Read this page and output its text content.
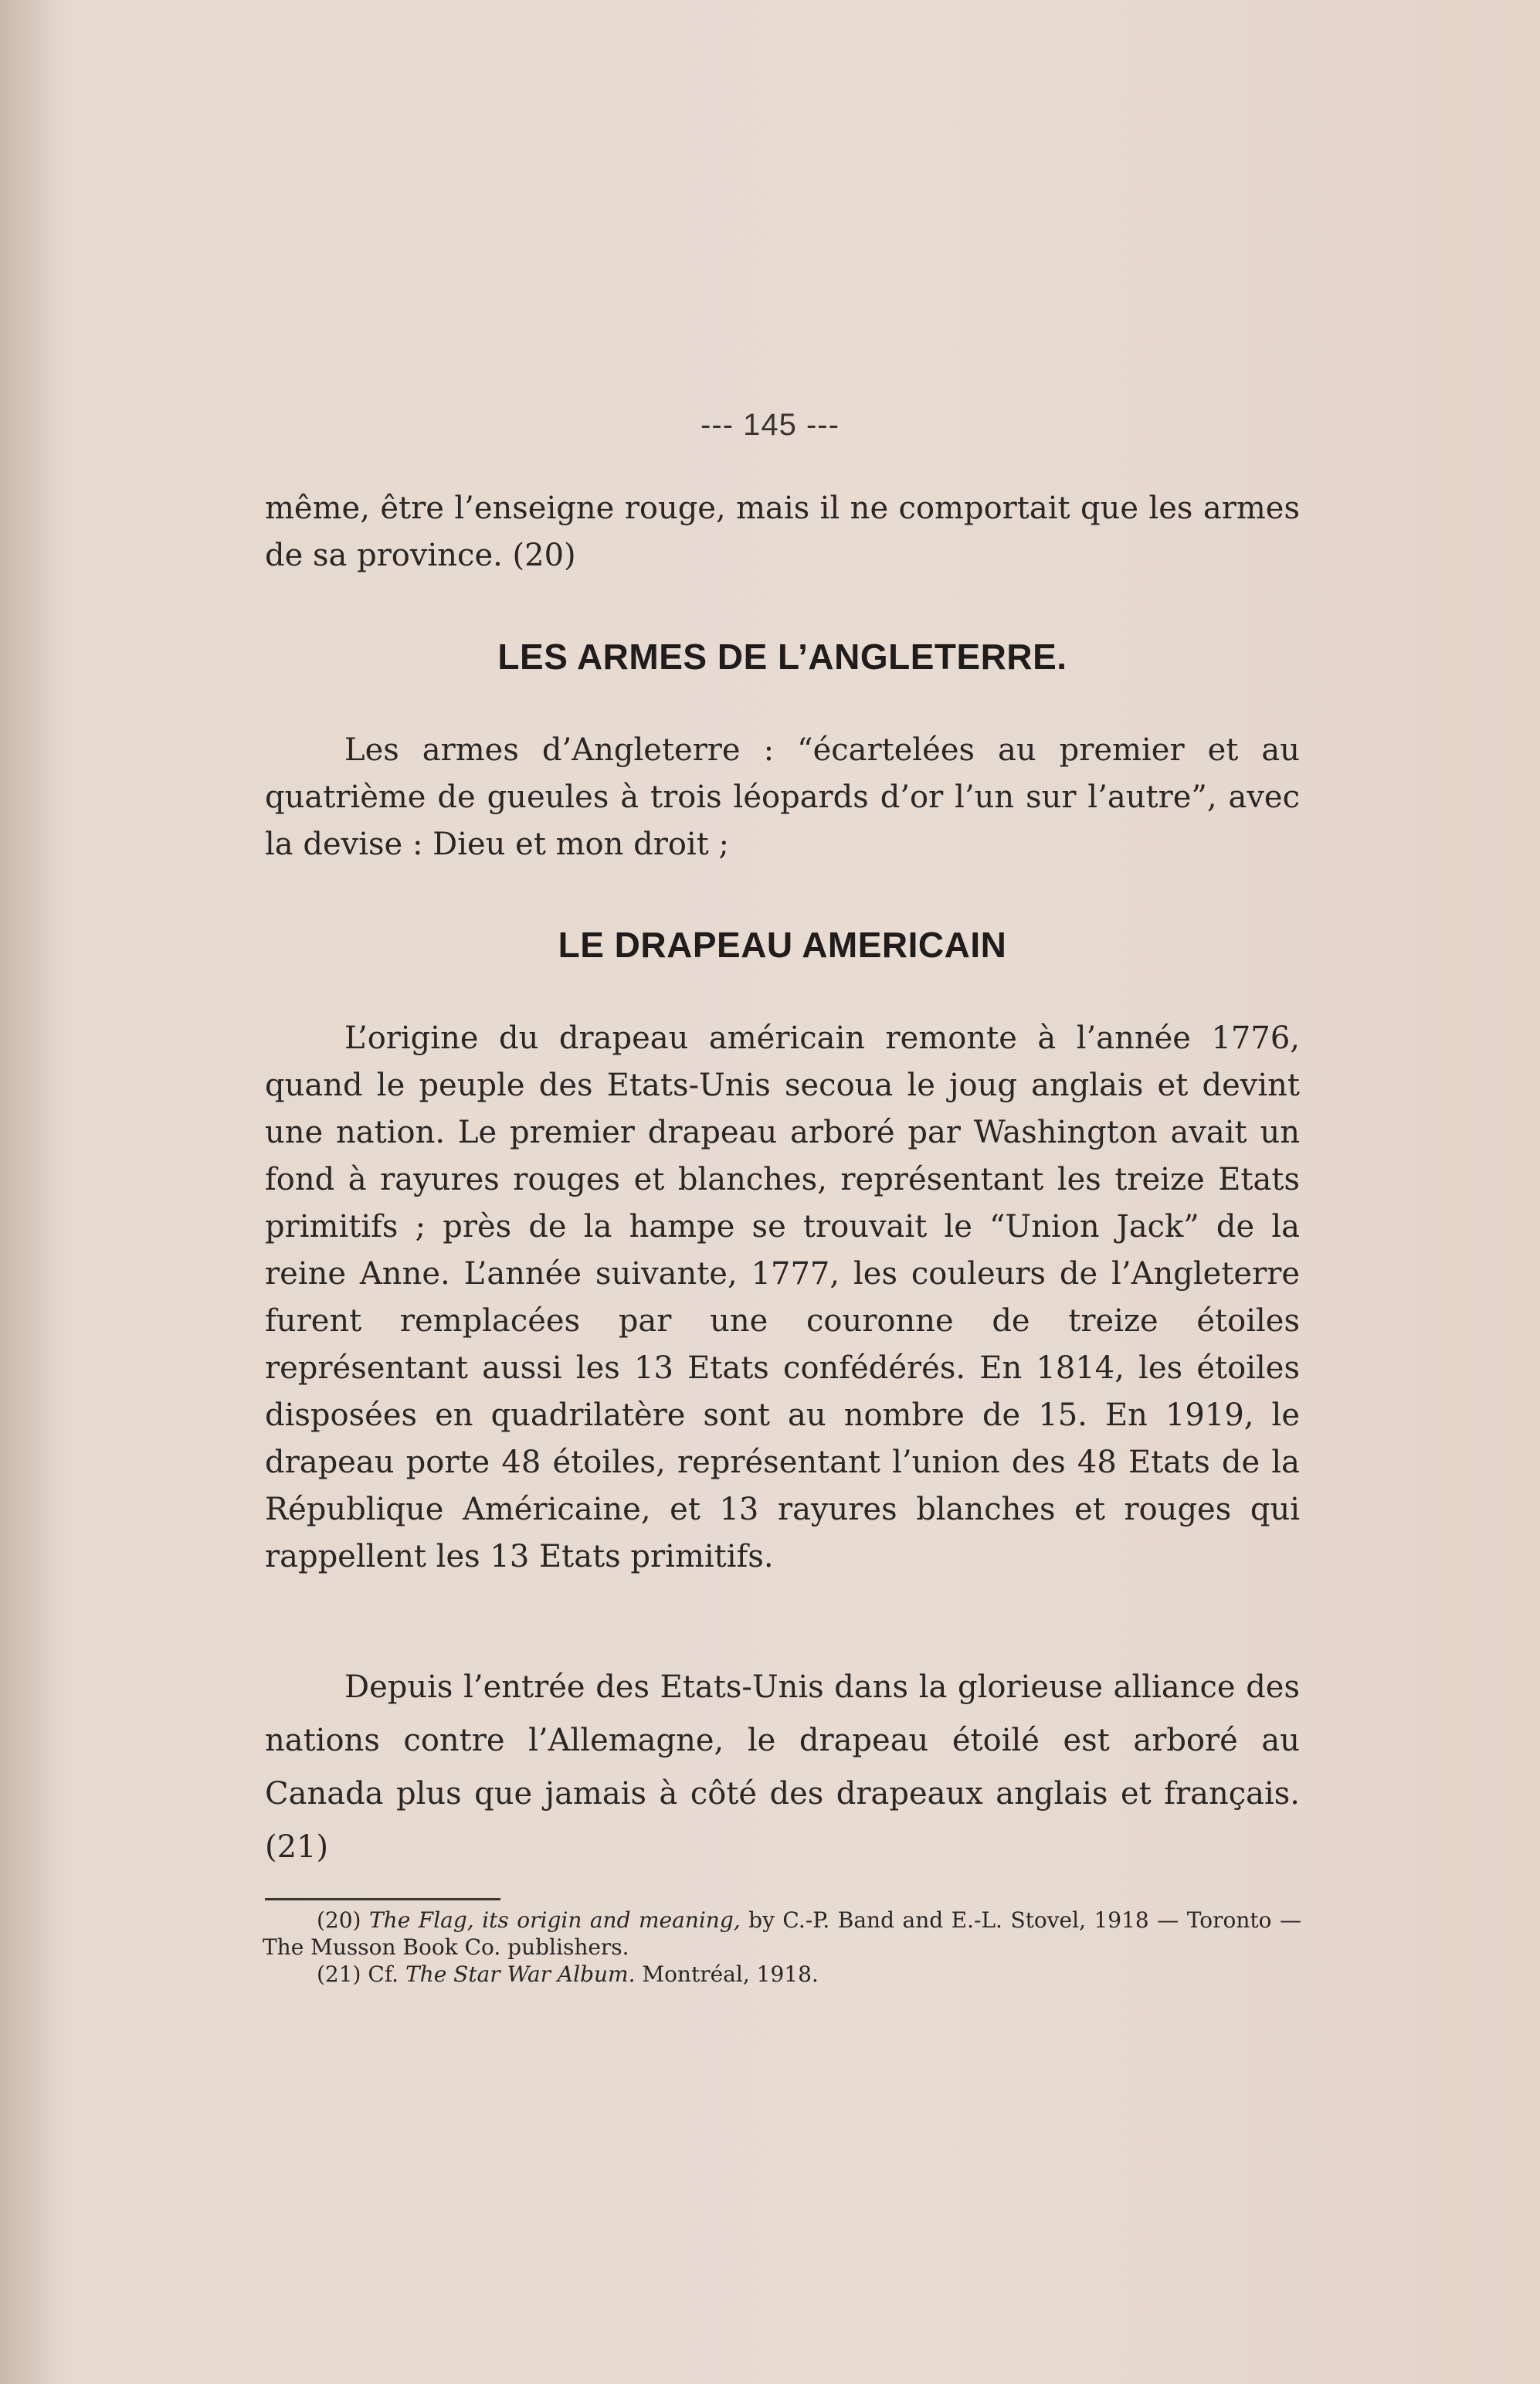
--- 145 ---

même, être l’enseigne rouge, mais il ne comportait que les armes de sa province. (20)

LES ARMES DE L’ANGLETERRE.

Les armes d’Angleterre : “écartelées au premier et au quatrième de gueules à trois léopards d’or l’un sur l’autre”, avec la devise : Dieu et mon droit ;

LE DRAPEAU AMERICAIN

L’origine du drapeau américain remonte à l’année 1776, quand le peuple des Etats-Unis secoua le joug anglais et devint une nation. Le premier drapeau arboré par Washington avait un fond à rayures rouges et blanches, représentant les treize Etats primitifs ; près de la hampe se trouvait le “Union Jack” de la reine Anne. L’année suivante, 1777, les couleurs de l’Angleterre furent remplacées par une couronne de treize étoiles représentant aussi les 13 Etats confédérés. En 1814, les étoiles disposées en quadrilatère sont au nombre de 15. En 1919, le drapeau porte 48 étoiles, représentant l’union des 48 Etats de la République Américaine, et 13 rayures blanches et rouges qui rappellent les 13 Etats primitifs.

Depuis l’entrée des Etats-Unis dans la glorieuse alliance des nations contre l’Allemagne, le drapeau étoilé est arboré au Canada plus que jamais à côté des drapeaux anglais et français. (21)

(20) The Flag, its origin and meaning, by C.-P. Band and E.-L. Stovel, 1918 — Toronto — The Musson Book Co. publishers.

(21) Cf. The Star War Album. Montréal, 1918.
